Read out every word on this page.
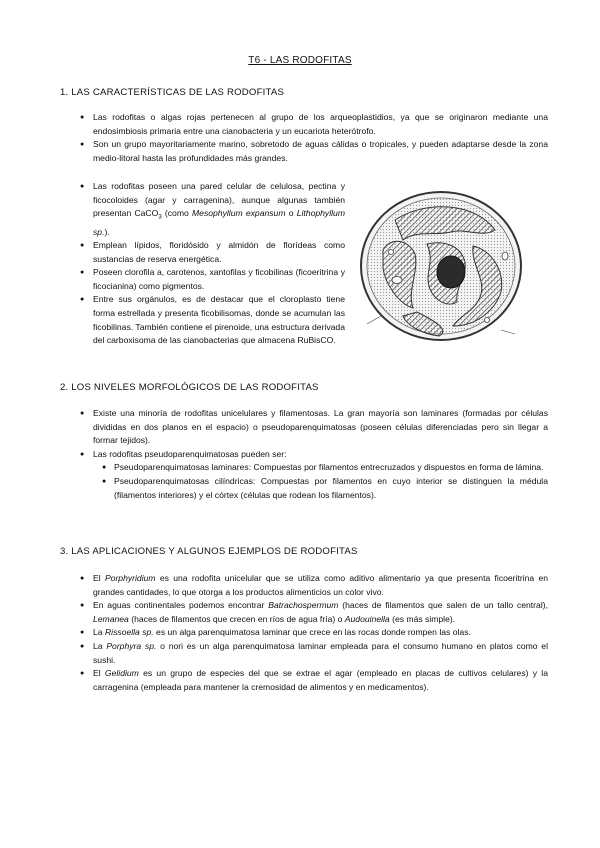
T6 - LAS RODOFITAS
1. LAS CARACTERÍSTICAS DE LAS RODOFITAS
● Las rodofitas o algas rojas pertenecen al grupo de los arqueoplastidios, ya que se originaron mediante una endosimbiosis primaria entre una cianobacteria y un eucariota heterótrofo.
● Son un grupo mayoritariamente marino, sobretodo de aguas cálidas o tropicales, y pueden adaptarse desde la zona medio-litoral hasta las profundidades más grandes.
● Las rodofitas poseen una pared celular de celulosa, pectina y ficocoloides (agar y carragenina), aunque algunas también presentan CaCO$_3$ (como Mesophyllum expansum o Lithophyllum sp.).
● Emplean lípidos, floridósido y almidón de florídeas como sustancias de reserva energética.
● Poseen clorofila a, carotenos, xantofilas y ficobilinas (ficoeritrina y ficocianina) como pigmentos.
● Entre sus orgánulos, es de destacar que el cloroplasto tiene forma estrellada y presenta ficobilisomas, donde se acumulan las ficobilinas. También contiene el pirenoide, una estructura derivada del carboxisoma de las cianobacterias que almacena RuBisCO.
2. LOS NIVELES MORFOLÓGICOS DE LAS RODOFITAS
● Existe una minoría de rodofitas unicelulares y filamentosas. La gran mayoría son laminares (formadas por células divididas en dos planos en el espacio) o pseudoparenquimatosas (poseen células diferenciadas pero sin llegar a formar tejidos).
● Las rodofitas pseudoparenquimatosas pueden ser:
● Pseudoparenquimatosas laminares: Compuestas por filamentos entrecruzados y dispuestos en forma de lámina.
● Pseudoparenquimatosas cilíndricas: Compuestas por filamentos en cuyo interior se distinguen la médula (filamentos interiores) y el córtex (células que rodean los filamentos).
3. LAS APLICACIONES Y ALGUNOS EJEMPLOS DE RODOFITAS
● El Porphyridium es una rodofita unicelular que se utiliza como aditivo alimentario ya que presenta ficoeritrina en grandes cantidades, lo que otorga a los productos alimenticios un color vivo.
● En aguas continentales podemos encontrar Batrachospermum (haces de filamentos que salen de un tallo central), Lemanea (haces de filamentos que crecen en ríos de agua fría) o Audouinella (es más simple).
● La Rissoella sp. es un alga parenquimatosa laminar que crece en las rocas donde rompen las olas.
● La Porphyra sp. o nori es un alga parenquimatosa laminar empleada para el consumo humano en platos como el sushi.
● El Gelidium es un grupo de especies del que se extrae el agar (empleado en placas de cultivos celulares) y la carragenina (empleada para mantener la cremosidad de alimentos y en medicamentos).
